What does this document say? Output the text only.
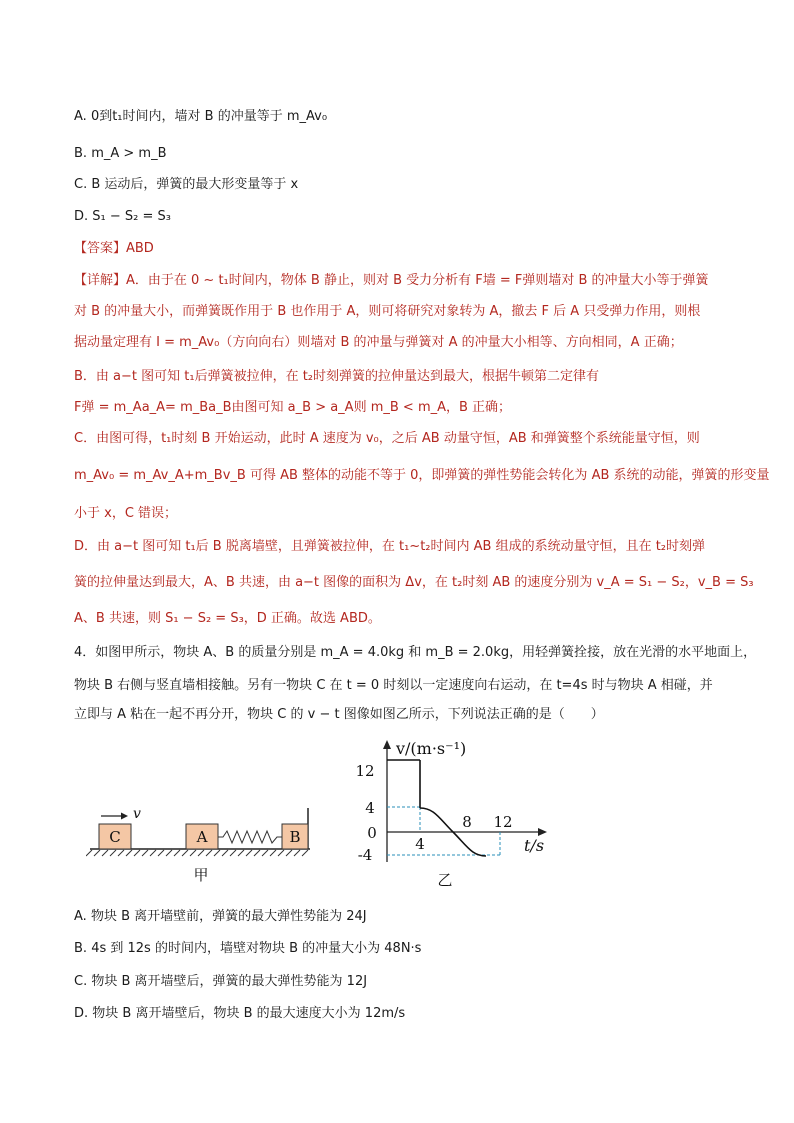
A. 0到t₁时间内，墙对 B 的冲量等于 m_Av₀
B. m_A > m_B
C. B 运动后，弹簧的最大形变量等于 x
D. S₁ − S₂ = S₃
【答案】ABD
【详解】A．由于在 0 ~ t₁时间内，物体 B 静止，则对 B 受力分析有 F墙 = F弹则墙对 B 的冲量大小等于弹簧
对 B 的冲量大小，而弹簧既作用于 B 也作用于 A，则可将研究对象转为 A，撤去 F 后 A 只受弹力作用，则根
据动量定理有 I = m_Av₀（方向向右）则墙对 B 的冲量与弹簧对 A 的冲量大小相等、方向相同，A 正确；
B．由 a−t 图可知 t₁后弹簧被拉伸，在 t₂时刻弹簧的拉伸量达到最大，根据牛顿第二定律有
F弹 = m_Aa_A= m_Ba_B由图可知 a_B > a_A则 m_B < m_A，B 正确；
C．由图可得，t₁时刻 B 开始运动，此时 A 速度为 v₀，之后 AB 动量守恒，AB 和弹簧整个系统能量守恒，则
m_Av₀ = m_Av_A+m_Bv_B 可得 AB 整体的动能不等于 0，即弹簧的弹性势能会转化为 AB 系统的动能，弹簧的形变量
小于 x，C 错误；
D．由 a−t 图可知 t₁后 B 脱离墙壁，且弹簧被拉伸，在 t₁~t₂时间内 AB 组成的系统动量守恒，且在 t₂时刻弹
簧的拉伸量达到最大，A、B 共速，由 a−t 图像的面积为 Δv，在 t₂时刻 AB 的速度分别为 v_A = S₁ − S₂，v_B = S₃
A、B 共速，则 S₁ − S₂ = S₃，D 正确。故选 ABD。
4．如图甲所示，物块 A、B 的质量分别是 m_A = 4.0kg 和 m_B = 2.0kg，用轻弹簧拴接，放在光滑的水平地面上，
物块 B 右侧与竖直墙相接触。另有一物块 C 在 t = 0 时刻以一定速度向右运动，在 t=4s 时与物块 A 相碰，并
立即与 A 粘在一起不再分开，物块 C 的 v − t 图像如图乙所示，下列说法正确的是（　　）
C
v
A	B
甲
v/(m·s⁻¹)
t/s
0
12
4
-4
4
8 12
乙
A. 物块 B 离开墙壁前，弹簧的最大弹性势能为 24J
B. 4s 到 12s 的时间内，墙壁对物块 B 的冲量大小为 48N·s
C. 物块 B 离开墙壁后，弹簧的最大弹性势能为 12J
D. 物块 B 离开墙壁后，物块 B 的最大速度大小为 12m/s
